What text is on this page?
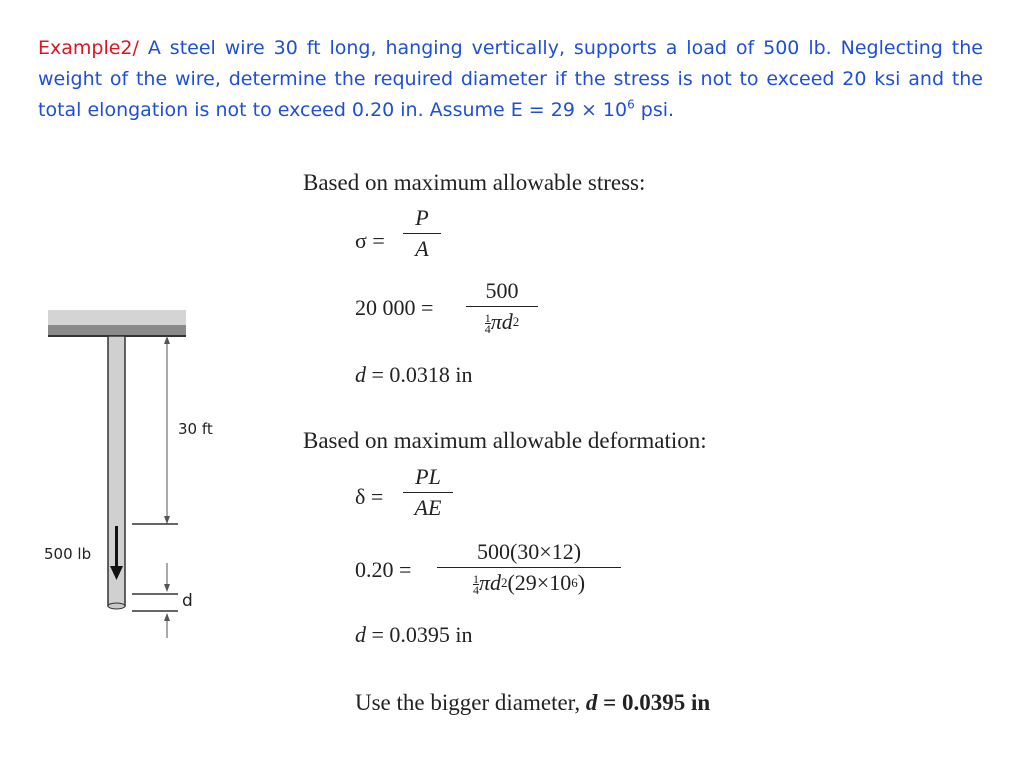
Example2/ A steel wire 30 ft long, hanging vertically, supports a load of 500 lb. Neglecting the weight of the wire, determine the required diameter if the stress is not to exceed 20 ksi and the total elongation is not to exceed 0.20 in. Assume $E = 29 \times 10^6$ psi.
30 ft
500 lb
d
Based on maximum allowable stress:
σ =
P
A
20 000 =
500
$\frac{1}{4} \pi d^2$
d = 0.0318 in
Based on maximum allowable deformation:
δ =
PL
AE
0.20 =
500(30×12)
$\frac{1}{4} \pi d^2(29\times 10^6)$
d = 0.0395 in
Use the bigger diameter, d = 0.0395 in
